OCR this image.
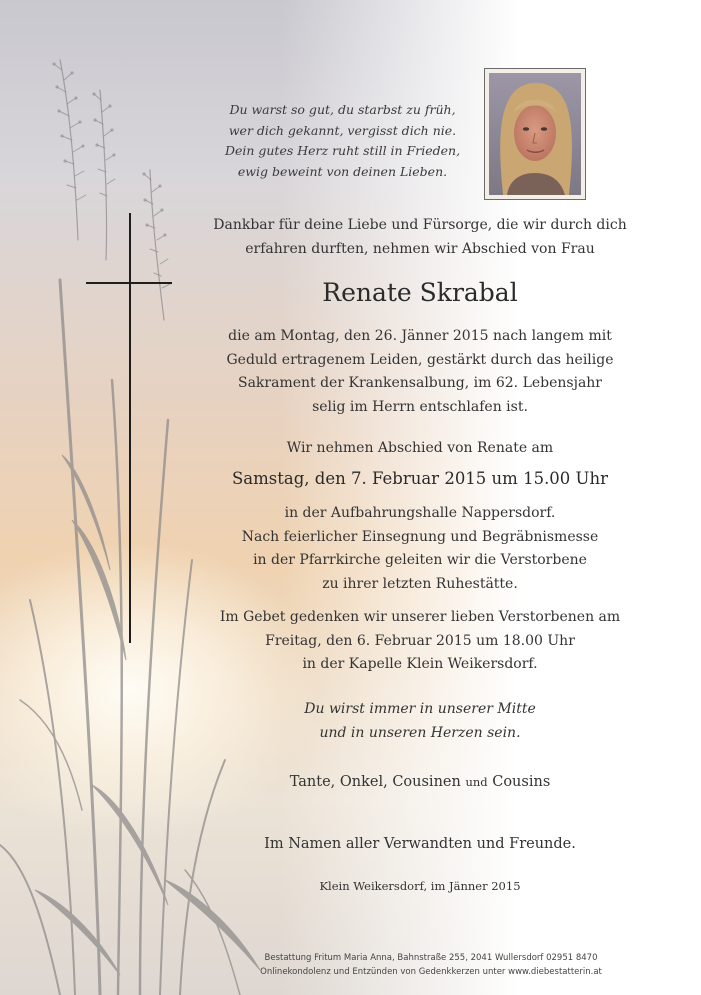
Du warst so gut, du starbst zu früh,
wer dich gekannt, vergisst dich nie.
Dein gutes Herz ruht still in Frieden,
ewig beweint von deinen Lieben.
Dankbar für deine Liebe und Fürsorge, die wir durch dich
erfahren durften, nehmen wir Abschied von Frau
Renate Skrabal
die am Montag, den 26. Jänner 2015 nach langem mit
Geduld ertragenem Leiden, gestärkt durch das heilige
Sakrament der Krankensalbung, im 62. Lebensjahr
selig im Herrn entschlafen ist.
Wir nehmen Abschied von Renate am
Samstag, den 7. Februar 2015 um 15.00 Uhr
in der Aufbahrungshalle Nappersdorf.
Nach feierlicher Einsegnung und Begräbnismesse
in der Pfarrkirche geleiten wir die Verstorbene
zu ihrer letzten Ruhestätte.
Im Gebet gedenken wir unserer lieben Verstorbenen am
Freitag, den 6. Februar 2015 um 18.00 Uhr
in der Kapelle Klein Weikersdorf.
Du wirst immer in unserer Mitte
und in unseren Herzen sein.
Tante, Onkel, Cousinen und Cousins
Im Namen aller Verwandten und Freunde.
Klein Weikersdorf, im Jänner 2015
Bestattung Fritum Maria Anna, Bahnstraße 255, 2041 Wullersdorf 02951 8470
Onlinekondolenz und Entzünden von Gedenkkerzen unter www.diebestatterin.at
